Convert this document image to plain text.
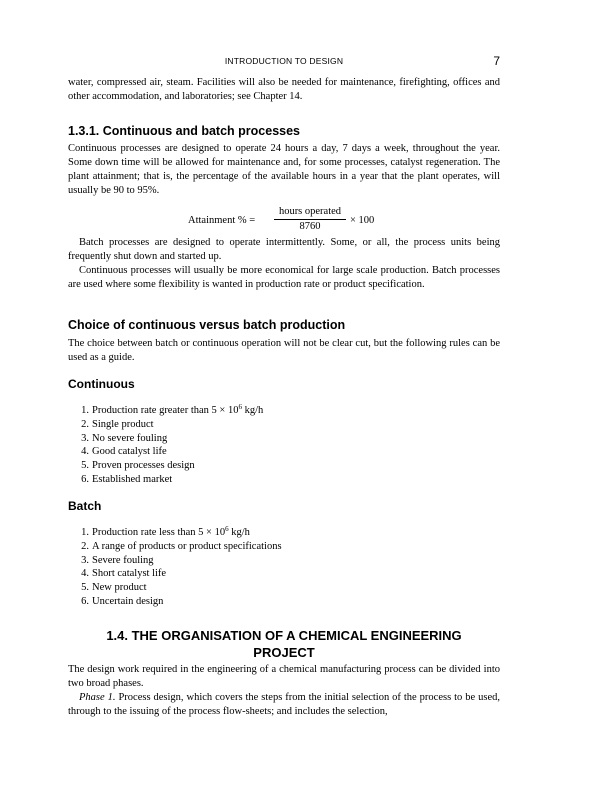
INTRODUCTION TO DESIGN	7

water, compressed air, steam. Facilities will also be needed for maintenance, firefighting, offices and other accommodation, and laboratories; see Chapter 14.

1.3.1. Continuous and batch processes

Continuous processes are designed to operate 24 hours a day, 7 days a week, throughout the year. Some down time will be allowed for maintenance and, for some processes, catalyst regeneration. The plant attainment; that is, the percentage of the available hours in a year that the plant operates, will usually be 90 to 95%.

Attainment % =
hours operated
8760
× 100

Batch processes are designed to operate intermittently. Some, or all, the process units being frequently shut down and started up.

Continuous processes will usually be more economical for large scale production. Batch processes are used where some flexibility is wanted in production rate or product specification.

Choice of continuous versus batch production

The choice between batch or continuous operation will not be clear cut, but the following rules can be used as a guide.

Continuous
1. Production rate greater than $5 \times 10^6$ kg/h
2. Single product
3. No severe fouling
4. Good catalyst life
5. Proven processes design
6. Established market
Batch
1. Production rate less than $5 \times 10^6$ kg/h
2. A range of products or product specifications
3. Severe fouling
4. Short catalyst life
5. New product
6. Uncertain design
1.4. THE ORGANISATION OF A CHEMICAL ENGINEERING
PROJECT

The design work required in the engineering of a chemical manufacturing process can be divided into two broad phases.

Phase 1. Process design, which covers the steps from the initial selection of the process to be used, through to the issuing of the process flow-sheets; and includes the selection,
